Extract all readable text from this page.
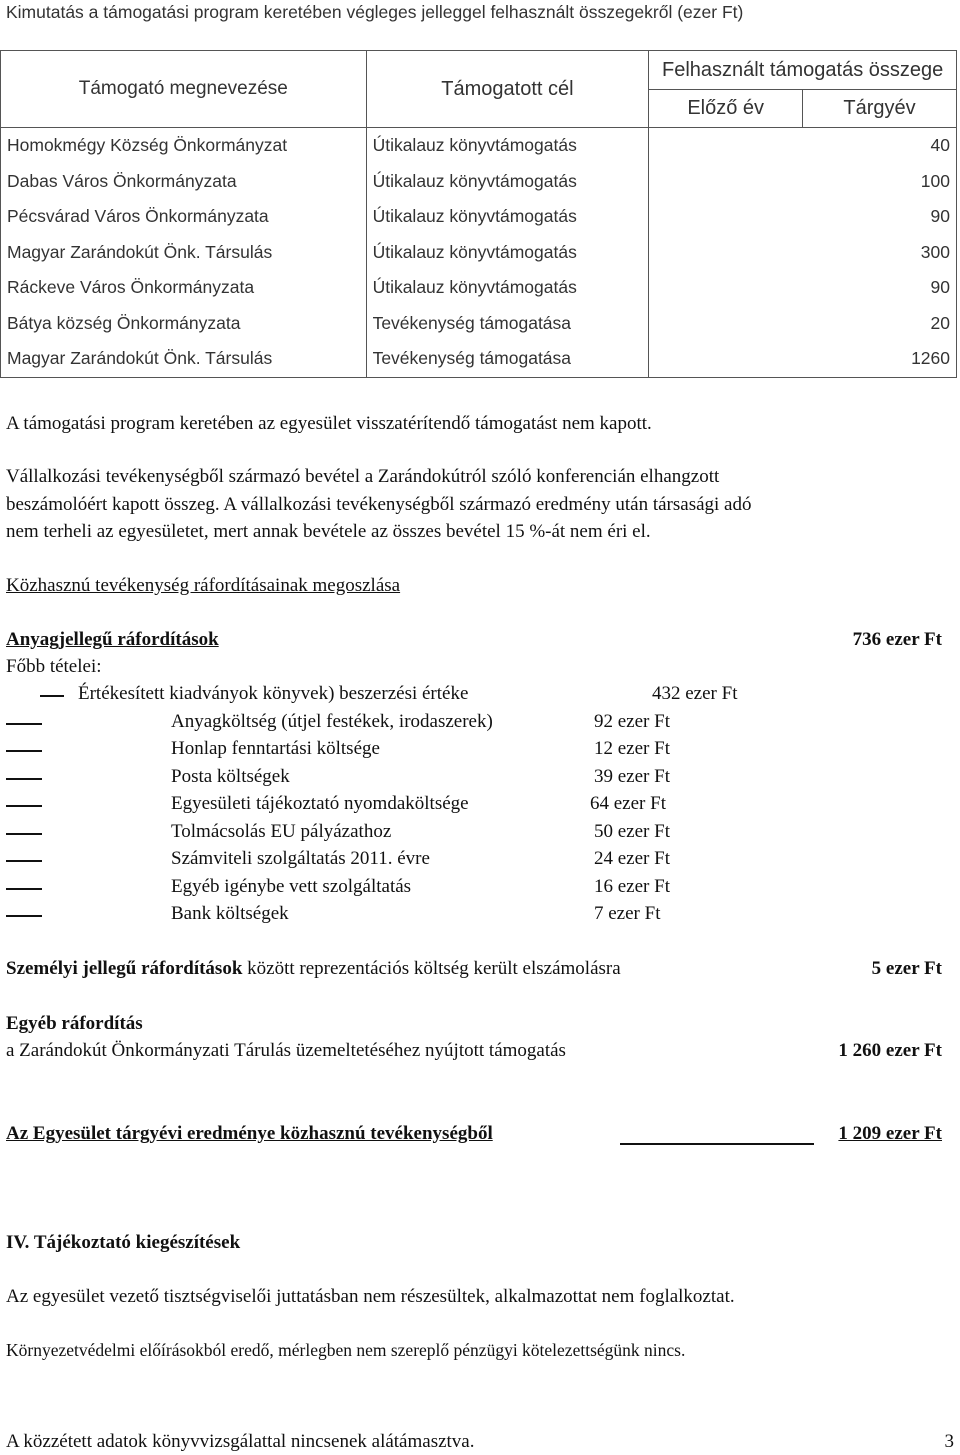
Kimutatás a támogatási program keretében végleges jelleggel felhasznált összegekről (ezer Ft)
Támogató megnevezése	Támogatott cél	Felhasznált támogatás összege	
		Előző év	Tárgyév
Homokmégy Község Önkormányzat	Útikalauz könyvtámogatás		40
Dabas Város Önkormányzata	Útikalauz könyvtámogatás		100
Pécsvárad Város Önkormányzata	Útikalauz könyvtámogatás		90
Magyar Zarándokút Önk. Társulás	Útikalauz könyvtámogatás		300
Ráckeve Város Önkormányzata	Útikalauz könyvtámogatás		90
Bátya község Önkormányzata	Tevékenység támogatása		20
Magyar Zarándokút Önk. Társulás	Tevékenység támogatása		1260
A támogatási program keretében az egyesület visszatérítendő támogatást nem kapott.
Vállalkozási tevékenységből származó bevétel a Zarándokútról szóló konferencián elhangzott
beszámolóért kapott összeg. A vállalkozási tevékenységből származó eredmény után társasági adó
nem terheli az egyesületet, mert annak bevétele az összes bevétel 15 %-át nem éri el.
Közhasznú tevékenység ráfordításainak megoszlása
Anyagjellegű ráfordítások	736 ezer Ft
Főbb tételei:
Értékesített kiadványok könyvek) beszerzési értéke	432 ezer Ft
Anyagköltség (útjel festékek, irodaszerek)	92 ezer Ft
Honlap fenntartási költsége	12 ezer Ft
Posta költségek	39 ezer Ft
Egyesületi tájékoztató nyomdaköltsége	64 ezer Ft
Tolmácsolás EU pályázathoz	50 ezer Ft
Számviteli szolgáltatás 2011. évre	24 ezer Ft
Egyéb igénybe vett szolgáltatás	16 ezer Ft
Bank költségek	7 ezer Ft
Személyi jellegű ráfordítások között reprezentációs költség került elszámolásra	5 ezer Ft
Egyéb ráfordítás
a Zarándokút Önkormányzati Tárulás üzemeltetéséhez nyújtott támogatás	1 260 ezer Ft
Az Egyesület tárgyévi eredménye közhasznú tevékenységből	1 209 ezer Ft
IV. Tájékoztató kiegészítések
Az egyesület vezető tisztségviselői juttatásban nem részesültek, alkalmazottat nem foglalkoztat.
Környezetvédelmi előírásokból eredő, mérlegben nem szereplő pénzügyi kötelezettségünk nincs.
A közzétett adatok könyvvizsgálattal nincsenek alátámasztva.	3
